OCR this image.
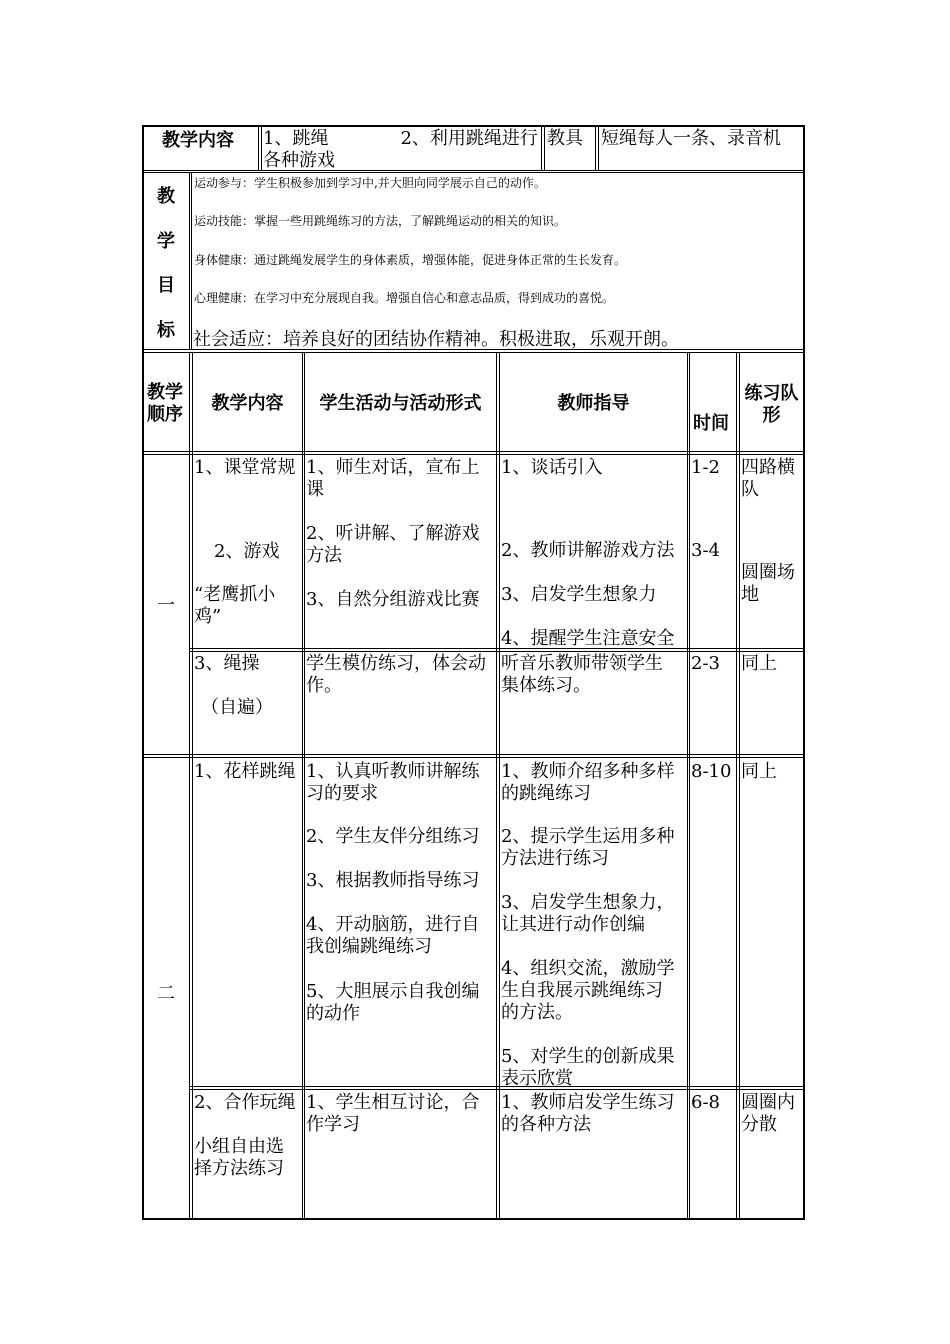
教学内容 1、跳绳　　　　2、利用跳绳进行各种游戏
教具 短绳每人一条、录音机
教
学
目
标
运动参与：学生积极参加到学习中,并大胆向同学展示自己的动作。
运动技能：掌握一些用跳绳练习的方法，了解跳绳运动的相关的知识。
身体健康：通过跳绳发展学生的身体素质，增强体能，促进身体正常的生长发育。
心理健康：在学习中充分展现自我。增强自信心和意志品质，得到成功的喜悦。
社会适应：培养良好的团结协作精神。积极进取，乐观开朗。
教学
顺序
教学内容	学生活动与活动形式	教师指导
时间
练习队
形
一
1、课堂常规
2、游戏
“老鹰抓小
鸡”
1、师生对话，宣布上
课
2、听讲解、了解游戏
方法
3、自然分组游戏比赛
1、谈话引入
2、教师讲解游戏方法
3、启发学生想象力
4、提醒学生注意安全
1-2
3-4
四路横
队
圆圈场
地
3、绳操
（自遍）
学生模仿练习，体会动
作。
听音乐教师带领学生
集体练习。
2-3 同上
二
1、花样跳绳 1、认真听教师讲解练
习的要求
2、学生友伴分组练习
3、根据教师指导练习
4、开动脑筋，进行自
我创编跳绳练习
5、大胆展示自我创编
的动作
1、教师介绍多种多样
的跳绳练习
2、提示学生运用多种
方法进行练习
3、启发学生想象力，
让其进行动作创编
4、组织交流，激励学
生自我展示跳绳练习
的方法。
5、对学生的创新成果
表示欣赏
8-10 同上
2、合作玩绳
小组自由选
择方法练习
1、学生相互讨论，合
作学习
1、教师启发学生练习
的各种方法
6-8 圆圈内
分散
